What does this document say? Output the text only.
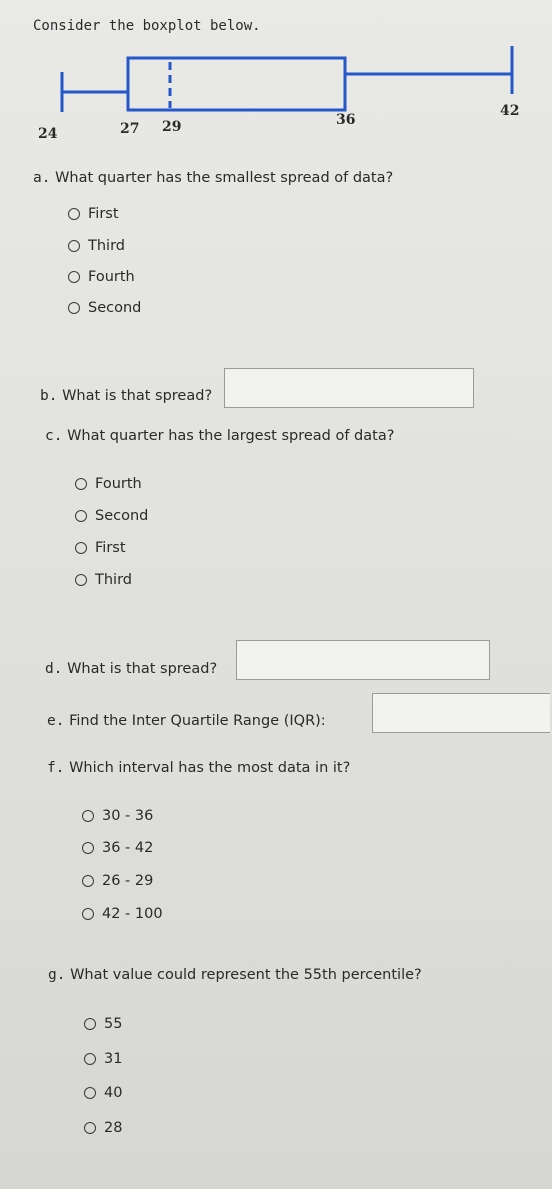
Consider the boxplot below.
24	27 29	36
42
a. What quarter has the smallest spread of data?
First
Third
Fourth
Second
b. What is that spread?
c. What quarter has the largest spread of data?
Fourth
Second
First
Third
d. What is that spread?
e. Find the Inter Quartile Range (IQR):
f. Which interval has the most data in it?
30 - 36
36 - 42
26 - 29
42 - 100
g. What value could represent the 55th percentile?
55
31
40
28
